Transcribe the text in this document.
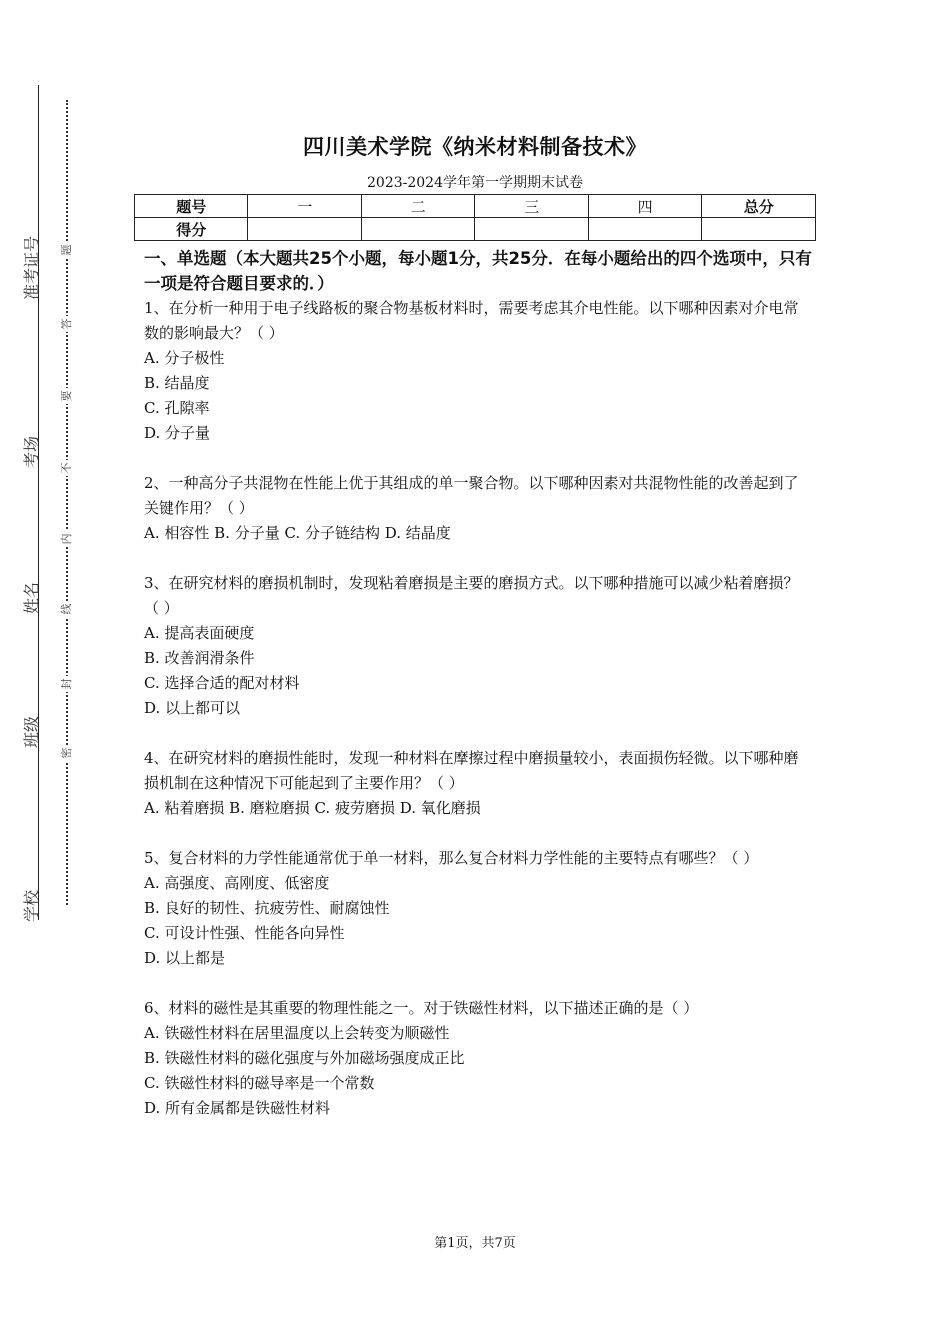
准考证号
考场
姓名
班级
学校
题
答
要
不
内
线
封
密
四川美术学院《纳米材料制备技术》
2023-2024学年第一学期期末试卷
题号	一	二	三	四	总分
得分					

一、单选题（本大题共25个小题，每小题1分，共25分．在每小题给出的四个选项中，只有一项是符合题目要求的．）

1、在分析一种用于电子线路板的聚合物基板材料时，需要考虑其介电性能。以下哪种因素对介电常数的影响最大？（ ）

A. 分子极性

B. 结晶度

C. 孔隙率

D. 分子量

2、一种高分子共混物在性能上优于其组成的单一聚合物。以下哪种因素对共混物性能的改善起到了关键作用？（ ）

A. 相容性 B. 分子量 C. 分子链结构 D. 结晶度

3、在研究材料的磨损机制时，发现粘着磨损是主要的磨损方式。以下哪种措施可以减少粘着磨损？（ ）

A. 提高表面硬度

B. 改善润滑条件

C. 选择合适的配对材料

D. 以上都可以

4、在研究材料的磨损性能时，发现一种材料在摩擦过程中磨损量较小，表面损伤轻微。以下哪种磨损机制在这种情况下可能起到了主要作用？（ ）

A. 粘着磨损 B. 磨粒磨损 C. 疲劳磨损 D. 氧化磨损

5、复合材料的力学性能通常优于单一材料，那么复合材料力学性能的主要特点有哪些？（ ）

A. 高强度、高刚度、低密度

B. 良好的韧性、抗疲劳性、耐腐蚀性

C. 可设计性强、性能各向异性

D. 以上都是

6、材料的磁性是其重要的物理性能之一。对于铁磁性材料，以下描述正确的是（ ）

A. 铁磁性材料在居里温度以上会转变为顺磁性

B. 铁磁性材料的磁化强度与外加磁场强度成正比

C. 铁磁性材料的磁导率是一个常数

D. 所有金属都是铁磁性材料

第1页，共7页
